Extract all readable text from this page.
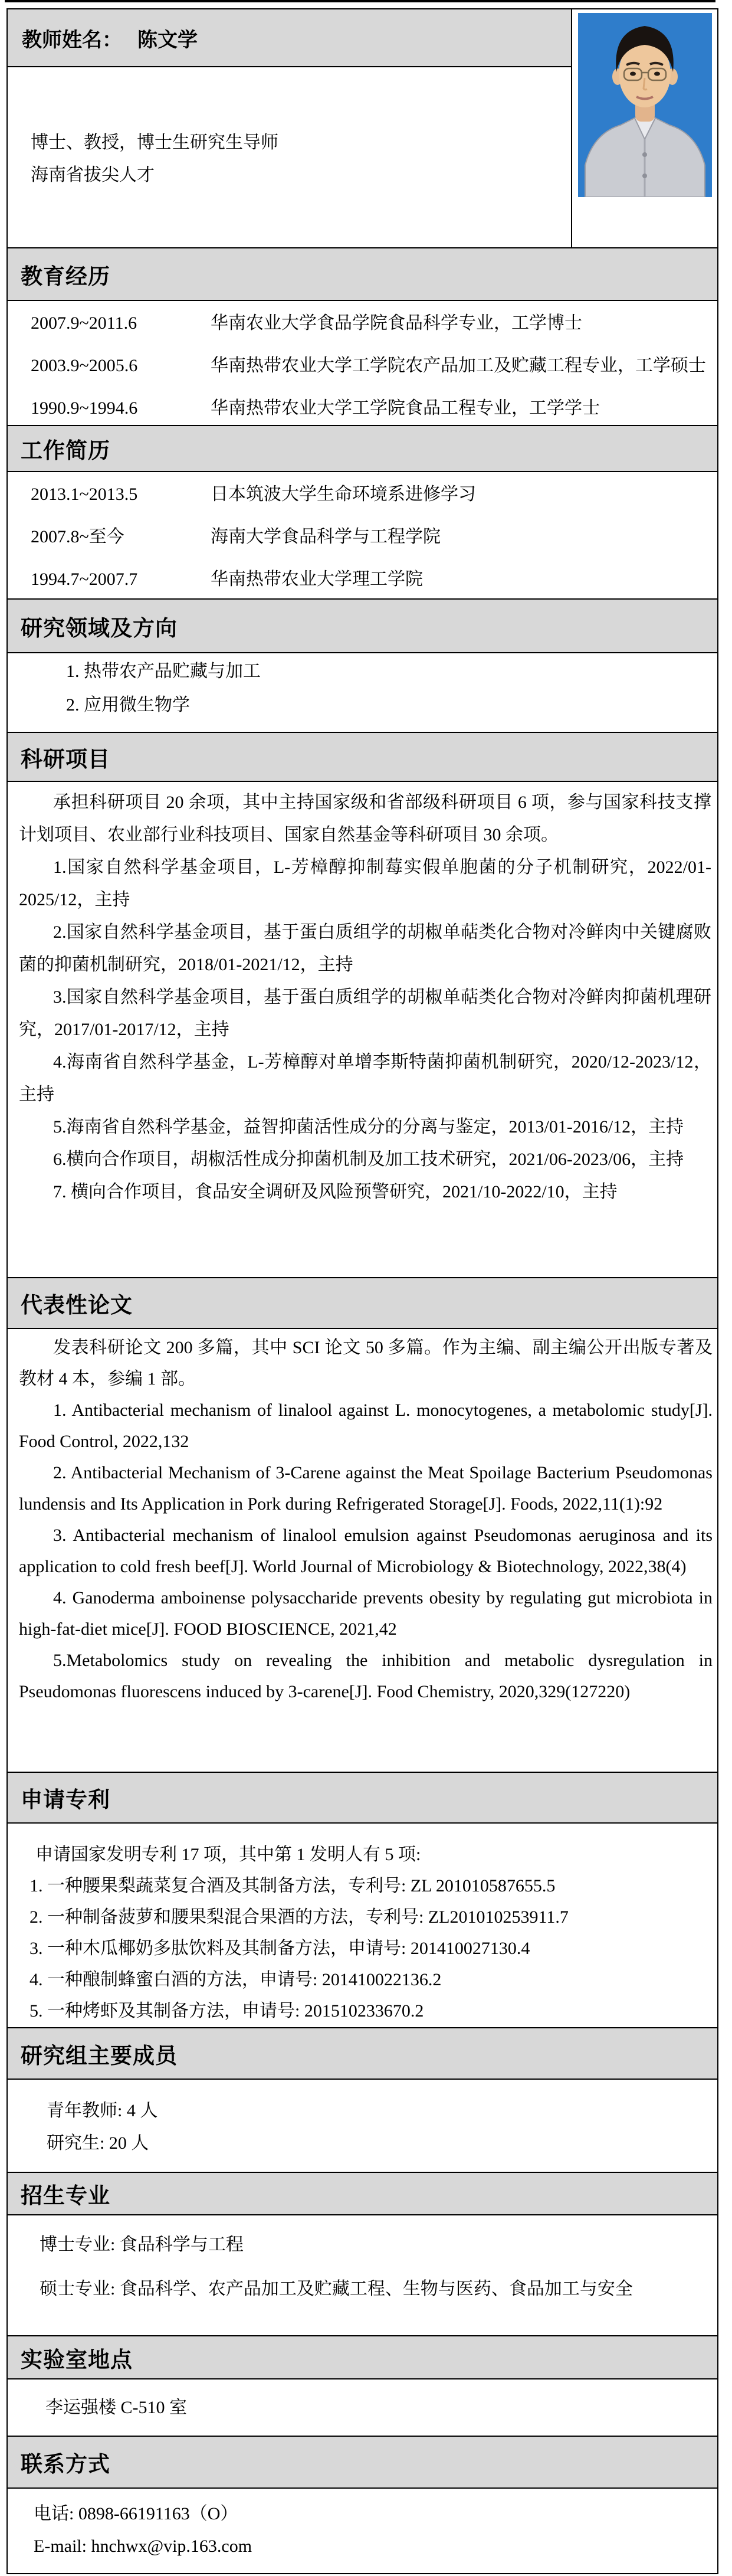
教师姓名： 陈文学
博士、教授，博士生研究生导师
海南省拔尖人才
教育经历
2007.9~2011.6	华南农业大学食品学院食品科学专业，工学博士
2003.9~2005.6	华南热带农业大学工学院农产品加工及贮藏工程专业，工学硕士
1990.9~1994.6	华南热带农业大学工学院食品工程专业，工学学士
工作简历
2013.1~2013.5	日本筑波大学生命环境系进修学习
2007.8~至今	海南大学食品科学与工程学院
1994.7~2007.7	华南热带农业大学理工学院
研究领域及方向
1. 热带农产品贮藏与加工
2. 应用微生物学
科研项目
承担科研项目 20 余项，其中主持国家级和省部级科研项目 6 项，参与国家科技支撑计划项目、农业部行业科技项目、国家自然基金等科研项目 30 余项。
1.国家自然科学基金项目，L-芳樟醇抑制莓实假单胞菌的分子机制研究，2022/01-2025/12，主持
2.国家自然科学基金项目，基于蛋白质组学的胡椒单萜类化合物对冷鲜肉中关键腐败菌的抑菌机制研究，2018/01-2021/12，主持
3.国家自然科学基金项目，基于蛋白质组学的胡椒单萜类化合物对冷鲜肉抑菌机理研究，2017/01-2017/12，主持
4.海南省自然科学基金，L-芳樟醇对单增李斯特菌抑菌机制研究，2020/12-2023/12，主持
5.海南省自然科学基金，益智抑菌活性成分的分离与鉴定，2013/01-2016/12，主持
6.横向合作项目，胡椒活性成分抑菌机制及加工技术研究，2021/06-2023/06，主持
7. 横向合作项目，食品安全调研及风险预警研究，2021/10-2022/10，主持
代表性论文
发表科研论文 200 多篇，其中 SCI 论文 50 多篇。作为主编、副主编公开出版专著及教材 4 本，参编 1 部。
1. Antibacterial mechanism of linalool against L. monocytogenes, a metabolomic study[J]. Food Control, 2022,132
2. Antibacterial Mechanism of 3-Carene against the Meat Spoilage Bacterium Pseudomonas lundensis and Its Application in Pork during Refrigerated Storage[J]. Foods, 2022,11(1):92
3. Antibacterial mechanism of linalool emulsion against Pseudomonas aeruginosa and its application to cold fresh beef[J]. World Journal of Microbiology & Biotechnology, 2022,38(4)
4. Ganoderma amboinense polysaccharide prevents obesity by regulating gut microbiota in high-fat-diet mice[J]. FOOD BIOSCIENCE, 2021,42
5.Metabolomics study on revealing the inhibition and metabolic dysregulation in Pseudomonas fluorescens induced by 3-carene[J]. Food Chemistry, 2020,329(127220)
申请专利
申请国家发明专利 17 项，其中第 1 发明人有 5 项:
1. 一种腰果梨蔬菜复合酒及其制备方法，专利号: ZL 201010587655.5
2. 一种制备菠萝和腰果梨混合果酒的方法，专利号: ZL201010253911.7
3. 一种木瓜椰奶多肽饮料及其制备方法，申请号: 201410027130.4
4. 一种酿制蜂蜜白酒的方法，申请号: 201410022136.2
5. 一种烤虾及其制备方法，申请号: 201510233670.2
研究组主要成员
青年教师: 4 人
研究生: 20 人
招生专业
博士专业: 食品科学与工程
硕士专业: 食品科学、农产品加工及贮藏工程、生物与医药、食品加工与安全
实验室地点
李运强楼 C-510 室
联系方式
电话: 0898-66191163（O）
E-mail: hnchwx@vip.163.com
